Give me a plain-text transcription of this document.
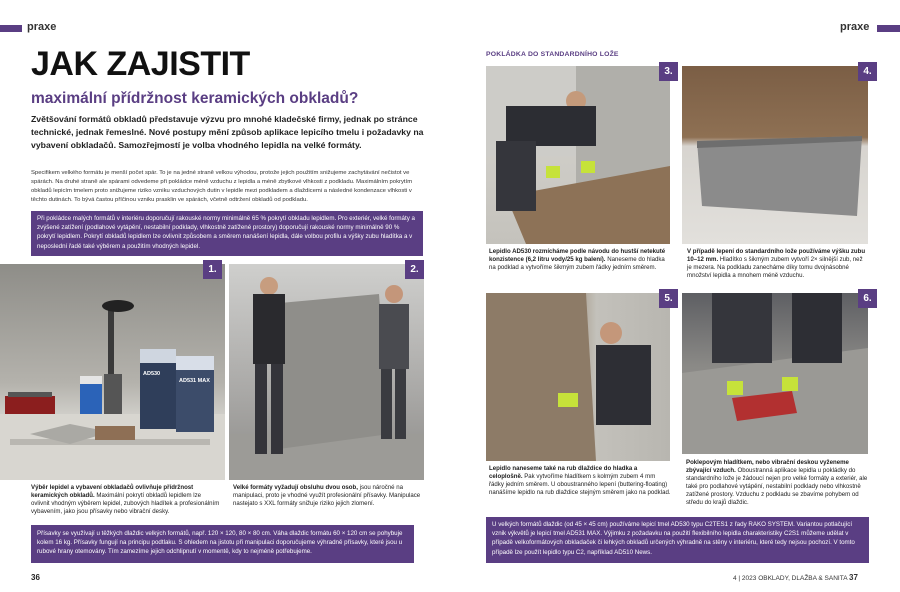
praxe	praxe
JAK ZAJISTIT
maximální přídržnost keramických obkladů?
Zvětšování formátů obkladů představuje výzvu pro mnohé kladečské firmy, jednak po stránce technické, jednak řemeslné. Nové postupy mění způsob aplikace lepicího tmelu i požadavky na vybavení obkladačů. Samozřejmostí je volba vhodného lepidla na velké formáty.
Specifikem velkého formátu je menší počet spár. To je na jedné straně velkou výhodou, protože jejich použitím snižujeme zachytávání nečistot ve spárách. Na druhé straně ale spárami odvedeme při pokládce méně vzduchu z lepidla a méně zbytkové vlhkosti z podkladu. Maximálním pokrytím obkladů lepicím tmelem proto snižujeme riziko vzniku vzduchových dutin v lepidle mezi podkladem a dlaždicemi a následné kondenzace vlhkosti v těchto dutinách. To bývá častou příčinou vzniku prasklin ve spárách, včetně odtržení obkladů od podkladu.
Při pokládce malých formátů v interiéru doporučují rakouské normy minimálně 65 % pokrytí obkladu lepidlem. Pro exteriér, velké formáty a zvýšené zatížení (podlahové vytápění, nestabilní podklady, vlhkostně zatížené prostory) doporučují rakouské normy minimálně 90 % pokrytí lepidlem. Pokrytí obkladů lepidlem lze ovlivnit způsobem a směrem nanášení lepidla, dále volbou profilu a výšky zubu hladítka a v neposlední řadě také výběrem a použitím vhodných lepidel.
AD530
AD531 MAX
1.
Výběr lepidel a vybavení obkladačů ovlivňuje přídržnost keramických obkladů. Maximální pokrytí obkladů lepidlem lze ovlivnit vhodným výběrem lepidel, zubových hladítek a profesionálním vybavením, jako jsou přísavky nebo vibrační desky.
2.
Velké formáty vyžadují obsluhu dvou osob, jsou náročné na manipulaci, proto je vhodné využít profesionální přísavky. Manipulace nastejato s XXL formáty snižuje riziko jejich zlomení.
Přísavky se využívají u těžkých dlaždic velkých formátů, např. 120 × 120, 80 × 80 cm. Váha dlaždic formátu 60 × 120 cm se pohybuje kolem 16 kg. Přísavky fungují na principu podtlaku. S ohledem na jistotu při manipulaci doporučujeme výhradně přísavky, které jsou u rubové hrany otemovány. Tím zamezíme jejich odchlipnutí v momentě, kdy to nejméně potřebujeme.
POKLÁDKA DO STANDARDNÍHO LOŽE
3.
Lepidlo AD530 rozmícháme podle návodu do hustší netekuté konzistence (6,2 litru vody/25 kg balení). Naneseme do hladka na podklad a vytvoříme šikmým zubem řádky jedním směrem.
4.
V případě lepení do standardního lože používáme výšku zubu 10–12 mm. Hladítko s šikmým zubem vytvoří 2× silnější zub, než je mezera. Na podkladu zanecháme díky tomu dvojnásobné množství lepidla a mnohem méně vzduchu.
5.
Lepidlo naneseme také na rub dlaždice do hladka a celoplošně. Pak vytvoříme hladítkem s kolmým zubem 4 mm řádky jedním směrem. U oboustranného lepení (buttering-floating) nanášíme lepidlo na rub dlaždice stejným směrem jako na podklad.
6.
Poklepovým hladítkem, nebo vibrační deskou vyženeme zbývající vzduch. Oboustranná aplikace lepidla u pokládky do standardního lože je žádoucí nejen pro velké formáty a exteriér, ale také pro podlahové vytápění, nestabilní podklady nebo vlhkostně zatížené prostory. Vzduchu z podkladu se zbavíme pohybem od středu do krajů dlaždic.
U velkých formátů dlaždic (od 45 × 45 cm) používáme lepicí tmel AD530 typu C2TES1 z řady RAKO SYSTEM. Variantou potlačující vznik výkvětů je lepicí tmel AD531 MAX. Výjimku z požadavku na použití flexibilního lepidla charakteristiky C2S1 můžeme udělat v případě velkoformátových obkladaček či lehkých obkladů určených výhradně na stěny v interiéru, které tedy nejsou pochozí. V tomto případě lze použít lepidlo typu C2, například AD510 News.
36	4 | 2023 OBKLADY, DLAŽBA & SANITA 37
